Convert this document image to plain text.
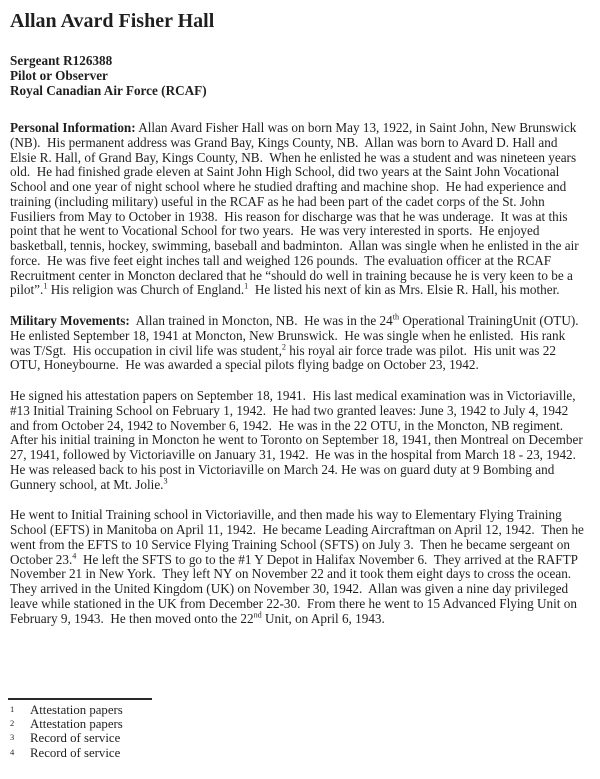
Allan Avard Fisher Hall
Sergeant R126388
Pilot or Observer
Royal Canadian Air Force (RCAF)

Personal Information: Allan Avard Fisher Hall was on born May 13, 1922, in Saint John, New Brunswick (NB).  His permanent address was Grand Bay, Kings County, NB.  Allan was born to Avard D. Hall and Elsie R. Hall, of Grand Bay, Kings County, NB.  When he enlisted he was a student and was nineteen years old.  He had finished grade eleven at Saint John High School, did two years at the Saint John Vocational School and one year of night school where he studied drafting and machine shop.  He had experience and training (including military) useful in the RCAF as he had been part of the cadet corps of the St. John Fusiliers from May to October in 1938.  His reason for discharge was that he was underage.  It was at this point that he went to Vocational School for two years.  He was very interested in sports.  He enjoyed basketball, tennis, hockey, swimming, baseball and badminton.  Allan was single when he enlisted in the air force.  He was five feet eight inches tall and weighed 126 pounds.  The evaluation officer at the RCAF Recruitment center in Moncton declared that he “should do well in training because he is very keen to be a pilot”.$^1$ His religion was Church of England.$^1$  He listed his next of kin as Mrs. Elsie R. Hall, his mother.

Military Movements:  Allan trained in Moncton, NB.  He was in the 24th Operational TrainingUnit (OTU).  He enlisted September 18, 1941 at Moncton, New Brunswick.  He was single when he enlisted.  His rank was T/Sgt.  His occupation in civil life was student,$^2$ his royal air force trade was pilot.  His unit was 22 OTU, Honeybourne.  He was awarded a special pilots flying badge on October 23, 1942.

He signed his attestation papers on September 18, 1941.  His last medical examination was in Victoriaville, #13 Initial Training School on February 1, 1942.  He had two granted leaves: June 3, 1942 to July 4, 1942 and from October 24, 1942 to November 6, 1942.  He was in the 22 OTU, in the Moncton, NB regiment.  After his initial training in Moncton he went to Toronto on September 18, 1941, then Montreal on December 27, 1941, followed by Victoriaville on January 31, 1942.  He was in the hospital from March 18 - 23, 1942.  He was released back to his post in Victoriaville on March 24. He was on guard duty at 9 Bombing and Gunnery school, at Mt. Jolie.$^3$

He went to Initial Training school in Victoriaville, and then made his way to Elementary Flying Training School (EFTS) in Manitoba on April 11, 1942.  He became Leading Aircraftman on April 12, 1942.  Then he went from the EFTS to 10 Service Flying Training School (SFTS) on July 3.  Then he became sergeant on October 23.$^4$  He left the SFTS to go to the #1 Y Depot in Halifax November 6.  They arrived at the RAFTP November 21 in New York.  They left NY on November 22 and it took them eight days to cross the ocean.  They arrived in the United Kingdom (UK) on November 30, 1942.  Allan was given a nine day privileged leave while stationed in the UK from December 22-30.  From there he went to 15 Advanced Flying Unit on February 9, 1943.  He then moved onto the 22nd Unit, on April 6, 1943.

1	Attestation papers
2	Attestation papers
3	Record of service
4	Record of service
